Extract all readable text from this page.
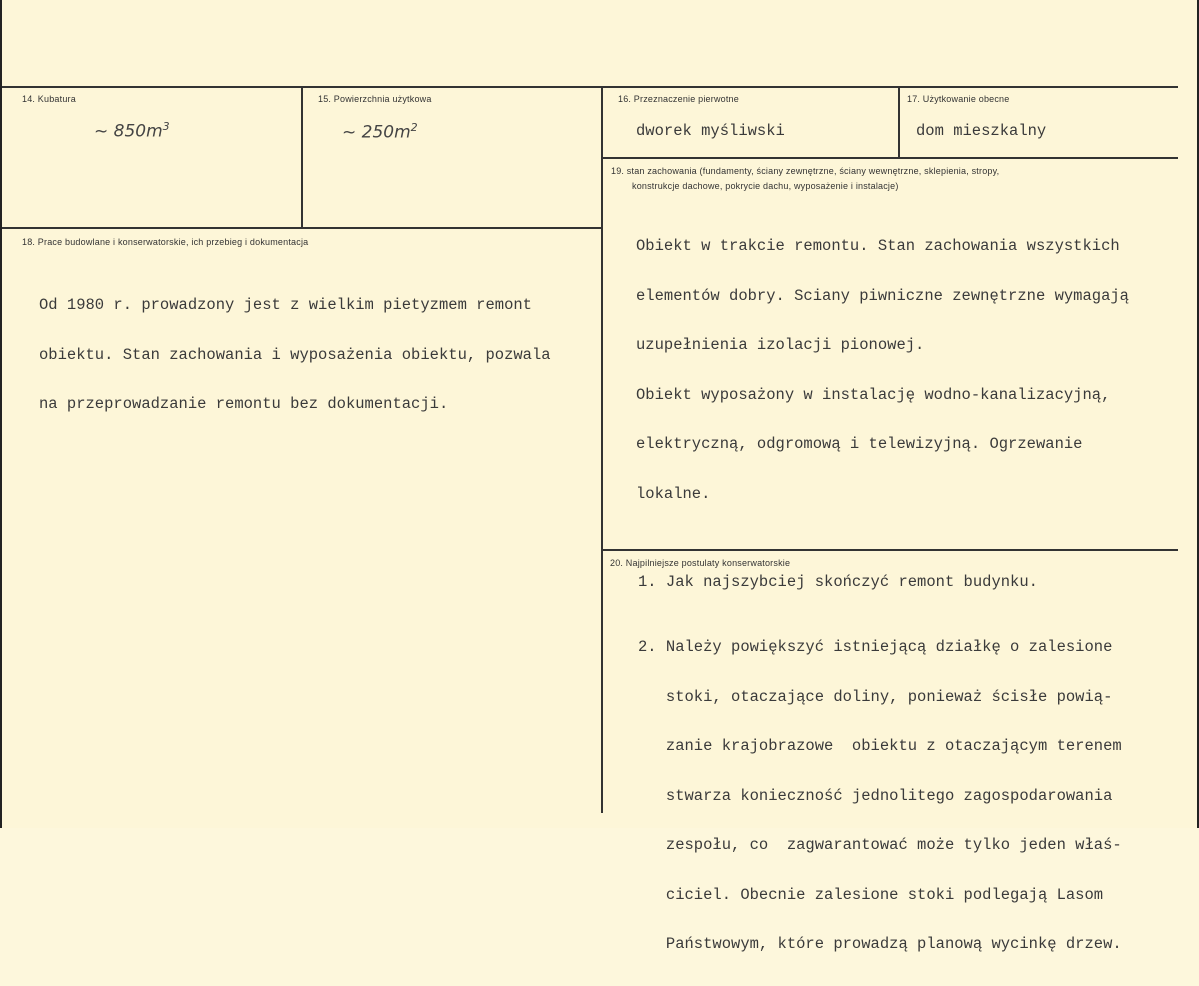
14. Kubatura
~ $850m^3$
15. Powierzchnia użytkowa
~ $250m^2$
16. Przeznaczenie pierwotne
dworek myśliwski
17. Użytkowanie obecne
dom mieszkalny
19. stan zachowania (fundamenty, ściany zewnętrzne, ściany wewnętrzne, sklepienia, stropy,
konstrukcje dachowe, pokrycie dachu, wyposażenie i instalacje)

Obiekt w trakcie remontu. Stan zachowania wszystkich

elementów dobry. Sciany piwniczne zewnętrzne wymagają

uzupełnienia izolacji pionowej.

Obiekt wyposażony w instalację wodno-kanalizacyjną,

elektryczną, odgromową i telewizyjną. Ogrzewanie

lokalne.

18. Prace budowlane i konserwatorskie, ich przebieg i dokumentacja

Od 1980 r. prowadzony jest z wielkim pietyzmem remont

obiektu. Stan zachowania i wyposażenia obiektu, pozwala

na przeprowadzanie remontu bez dokumentacji.

20. Najpilniejsze postulaty konserwatorskie
1. Jak najszybciej skończyć remont budynku.

2. Należy powiększyć istniejącą działkę o zalesione

stoki, otaczające doliny, ponieważ ścisłe powią-

zanie krajobrazowe  obiektu z otaczającym terenem

stwarza konieczność jednolitego zagospodarowania

zespołu, co  zagwarantować może tylko jeden właś-

ciciel. Obecnie zalesione stoki podlegają Lasom

Państwowym, które prowadzą planową wycinkę drzew.
